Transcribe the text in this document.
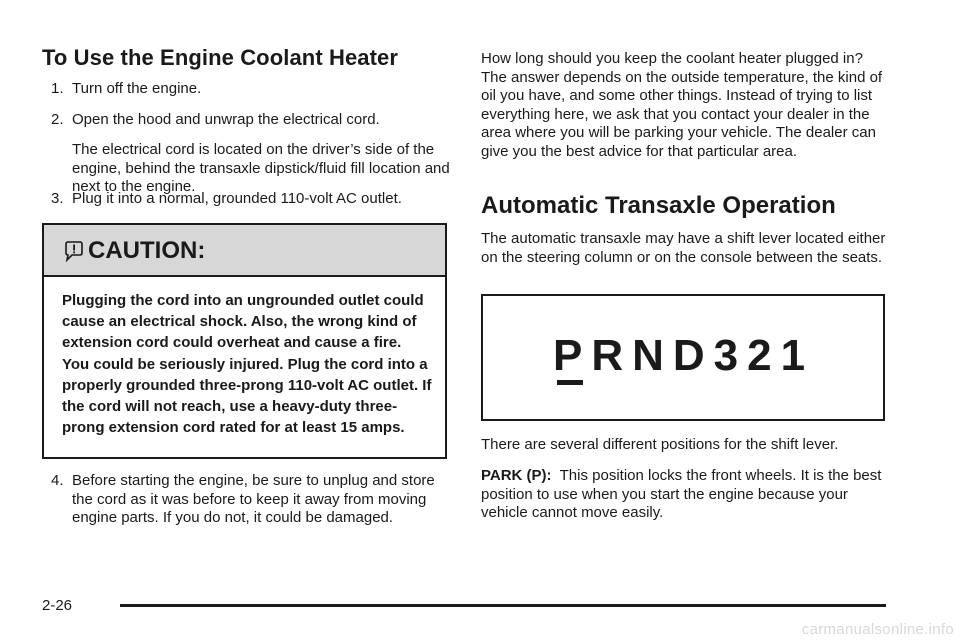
To Use the Engine Coolant Heater
1. Turn off the engine.
2. Open the hood and unwrap the electrical cord.
The electrical cord is located on the driver’s side of the engine, behind the transaxle dipstick/fluid fill location and next to the engine.
3. Plug it into a normal, grounded 110-volt AC outlet.
CAUTION:
Plugging the cord into an ungrounded outlet could cause an electrical shock. Also, the wrong kind of extension cord could overheat and cause a fire. You could be seriously injured. Plug the cord into a properly grounded three-prong 110-volt AC outlet. If the cord will not reach, use a heavy-duty three-prong extension cord rated for at least 15 amps.
4. Before starting the engine, be sure to unplug and store the cord as it was before to keep it away from moving engine parts. If you do not, it could be damaged.
How long should you keep the coolant heater plugged in? The answer depends on the outside temperature, the kind of oil you have, and some other things. Instead of trying to list everything here, we ask that you contact your dealer in the area where you will be parking your vehicle. The dealer can give you the best advice for that particular area.
Automatic Transaxle Operation
The automatic transaxle may have a shift lever located either on the steering column or on the console between the seats.
PRND321
There are several different positions for the shift lever.
PARK (P): This position locks the front wheels. It is the best position to use when you start the engine because your vehicle cannot move easily.
2-26
carmanualsonline.info
